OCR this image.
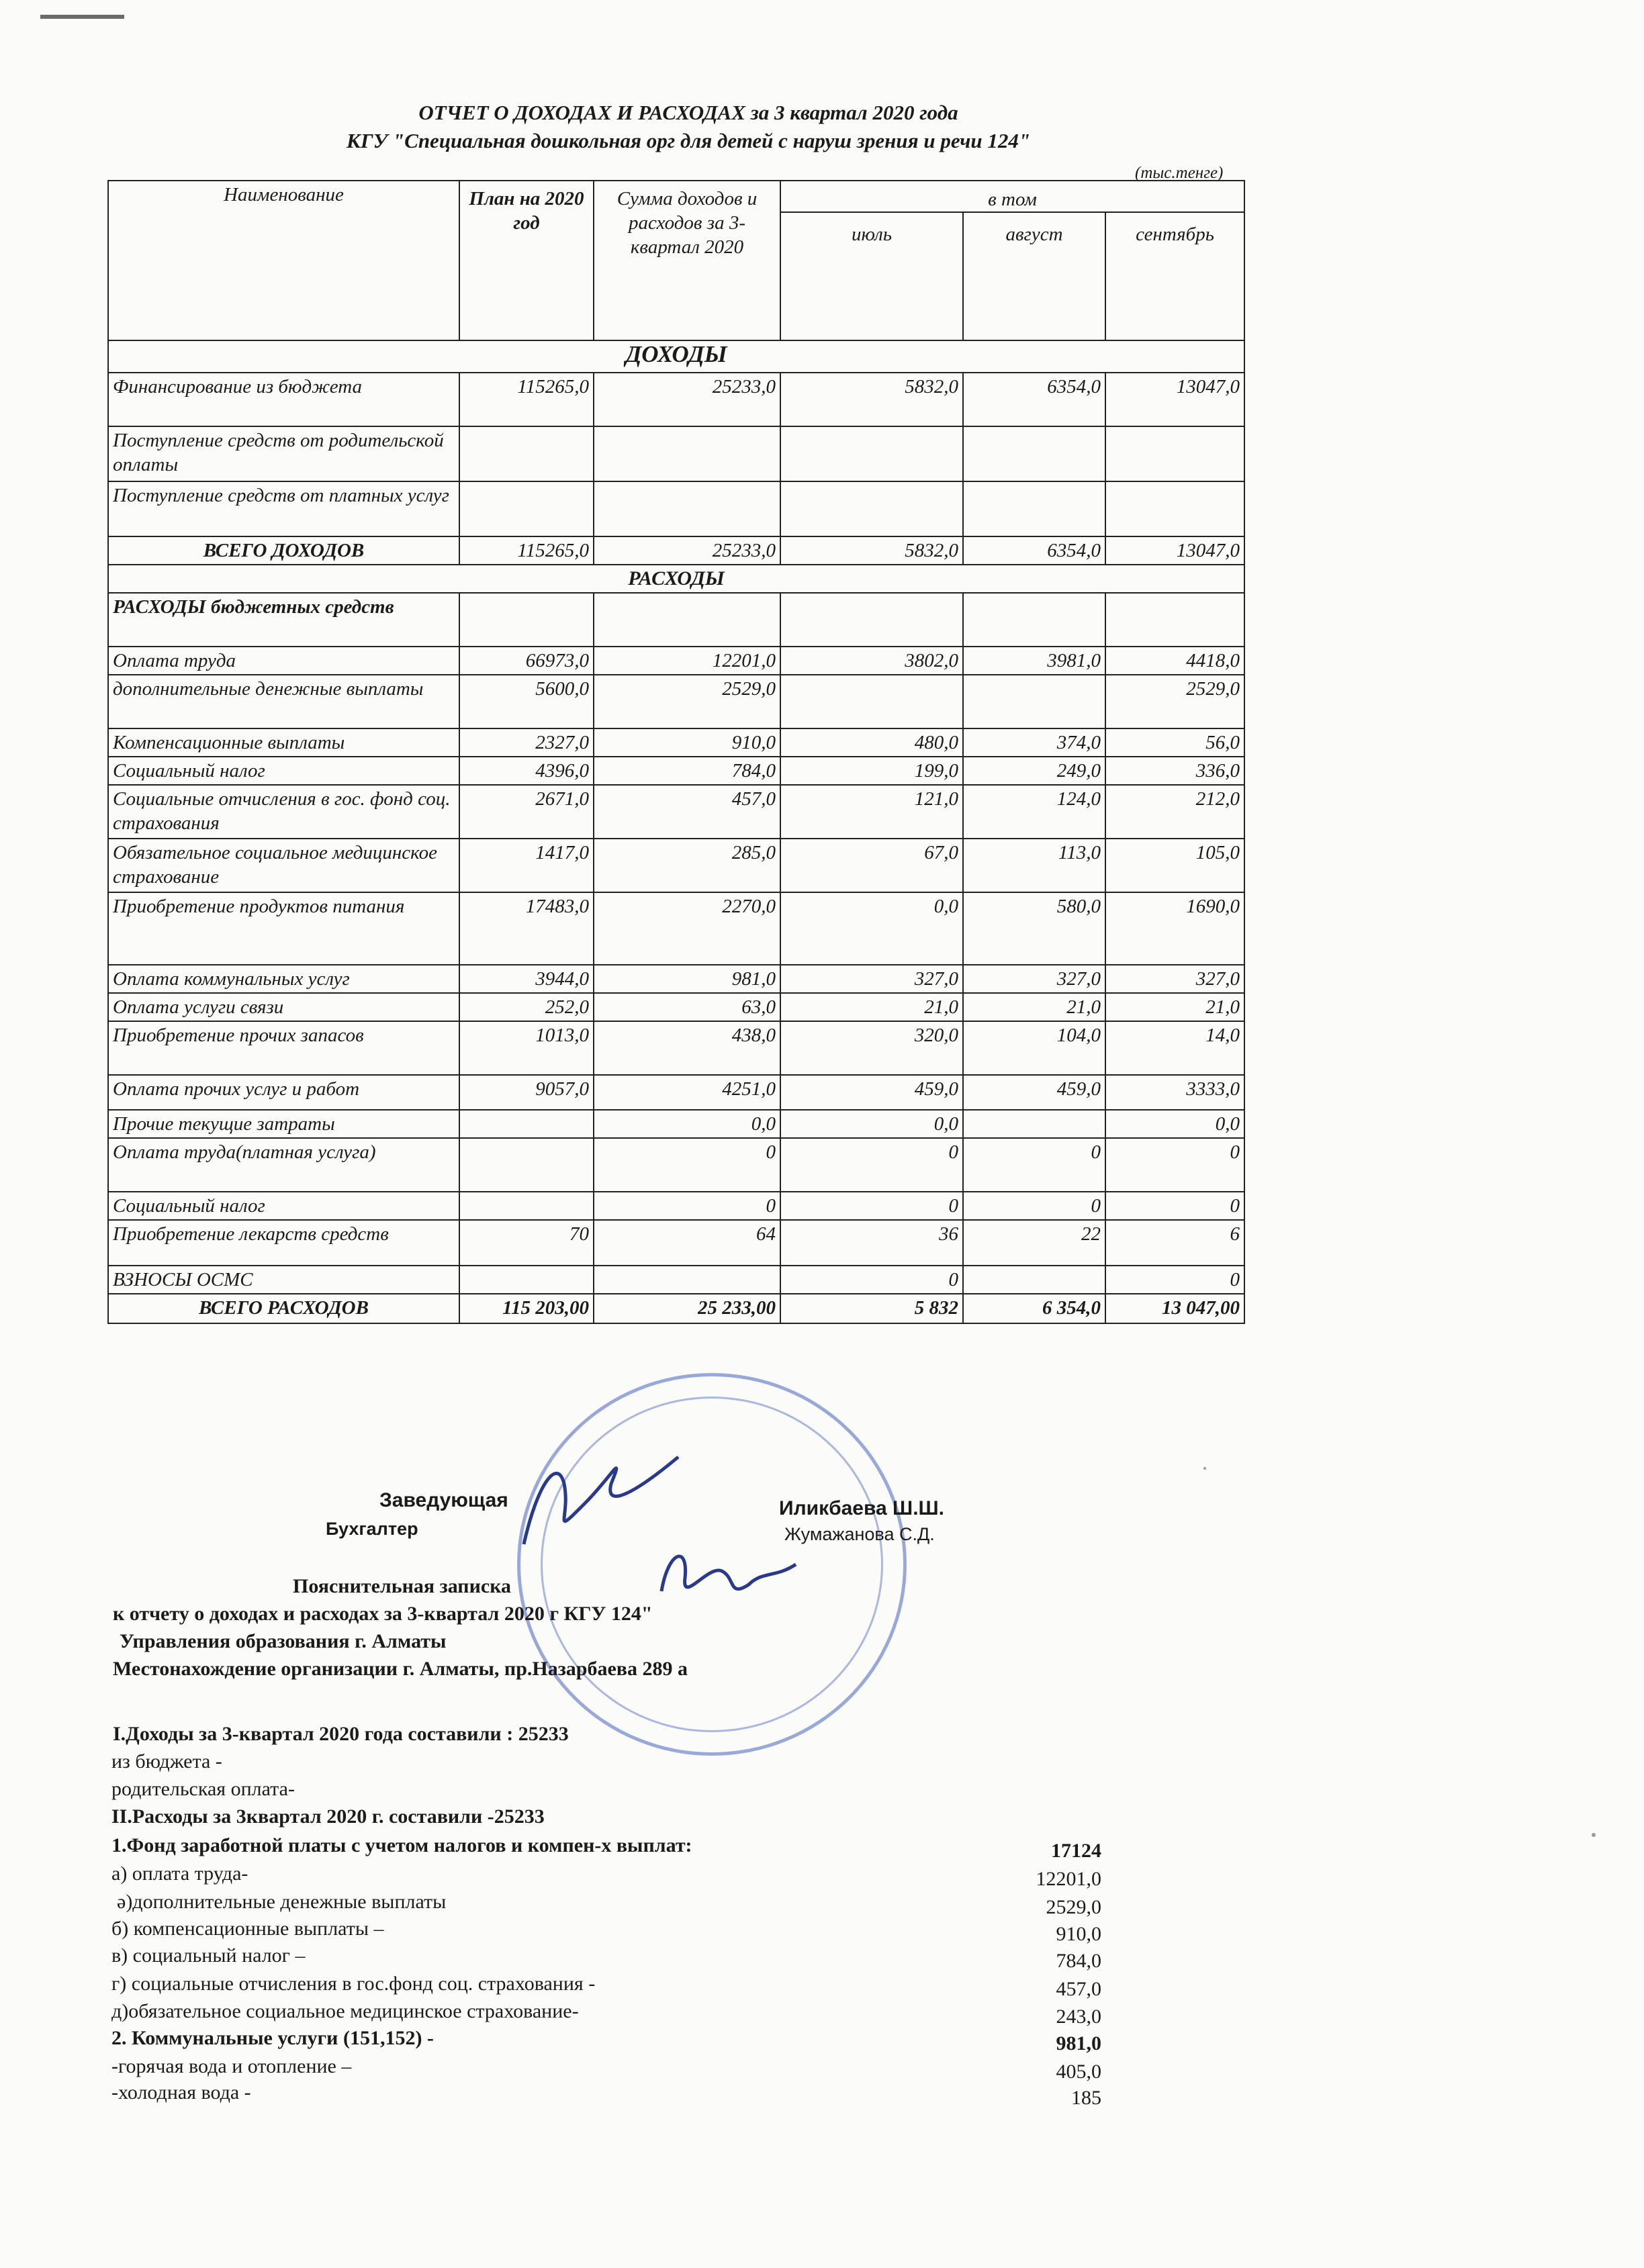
ОТЧЕТ О ДОХОДАХ И РАСХОДАХ за 3 квартал 2020 года
КГУ "Специальная дошкольная орг для детей с наруш зрения и речи 124"
(тыс.тенге)
Наименование	План на 2020 год	Сумма доходов и расходов за 3-квартал 2020	в том		
			июль	август	сентябрь
ДОХОДЫ					
Финансирование из бюджета	115265,0	25233,0	5832,0	6354,0	13047,0
Поступление средств от родительской оплаты					
Поступление средств от платных услуг					
ВСЕГО ДОХОДОВ	115265,0	25233,0	5832,0	6354,0	13047,0
РАСХОДЫ					
РАСХОДЫ бюджетных средств					
Оплата труда	66973,0	12201,0	3802,0	3981,0	4418,0
дополнительные денежные выплаты	5600,0	2529,0			2529,0
Компенсационные выплаты	2327,0	910,0	480,0	374,0	56,0
Социальный налог	4396,0	784,0	199,0	249,0	336,0
Социальные отчисления в гос. фонд соц. страхования	2671,0	457,0	121,0	124,0	212,0
Обязательное социальное медицинское страхование	1417,0	285,0	67,0	113,0	105,0
Приобретение продуктов питания	17483,0	2270,0	0,0	580,0	1690,0
Оплата коммунальных услуг	3944,0	981,0	327,0	327,0	327,0
Оплата услуги связи	252,0	63,0	21,0	21,0	21,0
Приобретение прочих запасов	1013,0	438,0	320,0	104,0	14,0
Оплата прочих услуг и работ	9057,0	4251,0	459,0	459,0	3333,0
Прочие текущие затраты		0,0	0,0		0,0
Оплата труда(платная услуга)		0	0	0	0
Социальный налог		0	0	0	0
Приобретение лекарств средств	70	64	36	22	6
ВЗНОСЫ ОСМС			0		0
ВСЕГО РАСХОДОВ	115 203,00	25 233,00	5 832	6 354,0	13 047,00
Заведующая	Иликбаева Ш.Ш.
Бухгалтер	Жумажанова С.Д.
Пояснительная записка
к отчету о доходах и расходах за 3-квартал 2020 г КГУ 124"
Управления образования г. Алматы
Местонахождение организации г. Алматы, пр.Назарбаева 289 а
I.Доходы за 3-квартал 2020 года составили : 25233
из бюджета -
родительская оплата-
II.Расходы за 3квартал 2020 г. составили -25233
1.Фонд заработной платы с учетом налогов и компен-х выплат:	17124
а) оплата труда-	12201,0
ә)дополнительные денежные выплаты	2529,0
б) компенсационные выплаты –	910,0
в) социальный налог –	784,0
г) социальные отчисления в гос.фонд соц. страхования -	457,0
д)обязательное социальное медицинское страхование-	243,0
2. Коммунальные услуги (151,152) -	981,0
-горячая вода и отопление –	405,0
-холодная вода -	185
